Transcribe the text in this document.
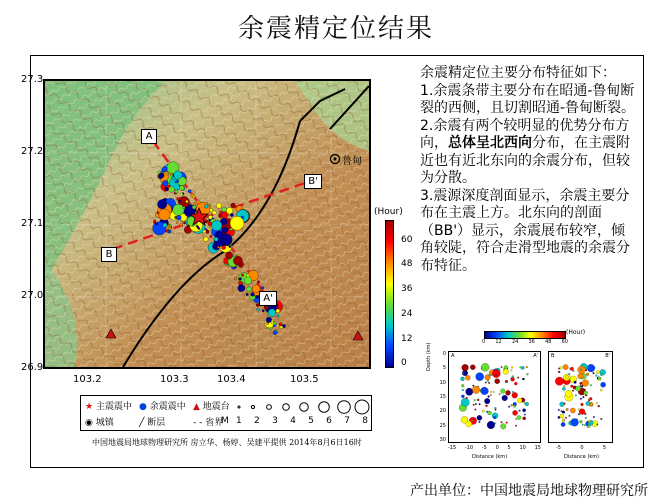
余震精定位结果
27.3
27.2
27.1
27.0
26.9
103.2	103.3	103.4	103.5
A
B'
B
A'
鲁甸
(Hour)
60
48
36
24
12
0

余震精定位主要分布特征如下：

1.余震条带主要分布在昭通-鲁甸断裂的西侧，且切割昭通-鲁甸断裂。

2.余震有两个较明显的优势分布方向，总体呈北西向分布，在主震附近也有近北东向的余震分布，但较为分散。

3.震源深度剖面显示，余震主要分布在主震上方。北东向的剖面（BB'）显示，余震展布较窄，倾角较陡，符合走滑型地震的余震分布特征。

(Hour)
0 12 24 36 48 60
Depth (km)	0
5
10
15
20
25
30
A	A'	B	B'
-15 -10 -5 0 5 10 15	-5	0	5
Distance (km)	Distance (km)
★ 主震震中
◉ 城镇
● 余震震中
╱ 断层
▲ 地震台
- - 省界
M 1 2 3 4 5 6 7 8
中国地震局地球物理研究所 房立华、杨婷、吴建平提供 2014年8月6日16时
产出单位：中国地震局地球物理研究所
